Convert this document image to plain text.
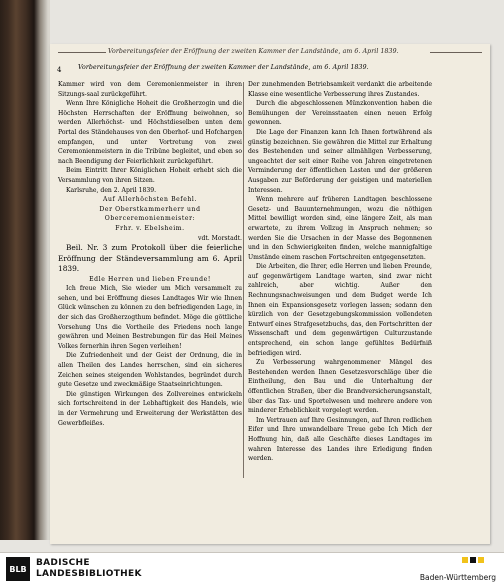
Vorbereitungsfeier der Eröffnung der zweiten Kammer der Landstände, am 6. April 1839.
4	Vorbereitungsfeier der Eröffnung der zweiten Kammer der Landstände, am 6. April 1839.

Kammer wird von dem Ceremonienmeister in ihren Sitzungs-saal zurückgeführt.

Wenn Ihre Königliche Hoheit die Großherzogin und die Höchsten Herrschaften der Eröffnung beiwohnen, so werden Allerhöchst- und Höchstdieselben unten dem Portal des Ständehauses von den Oberhof- und Hofchargen empfangen, und unter Vortretung von zwei Ceremonienmeistern in die Tribüne begleitet, und eben so nach Beendigung der Feierlichkeit zurückgeführt.

Beim Eintritt Ihrer Königlichen Hoheit erhebt sich die Versammlung von ihren Sitzen.

Karlsruhe, den 2. April 1839.

Auf Allerhöchsten Befehl.

Der Oberstkammerherr und Oberceremonienmeister:

Frhr. v. Ebelsheim.

vdt. Morstadt.

Beil. Nr. 3 zum Protokoll über die feierliche Eröffnung der Ständeversammlung am 6. April 1839.

Edle Herren und lieben Freunde!

Ich freue Mich, Sie wieder um Mich versammelt zu sehen, und bei Eröffnung dieses Landtages Wir wie Ihnen Glück wünschen zu können zu den befriedigenden Lage, in der sich das Großherzogthum befindet. Möge die göttliche Vorsehung Uns die Vortheile des Friedens noch lange gewähren und Meinen Bestrebungen für das Heil Meines Volkes fernerhin ihren Segen verleihen!

Die Zufriedenheit und der Geist der Ordnung, die in allen Theilen des Landes herrschen, sind ein sicheres Zeichen seines steigenden Wohlstandes, begründet durch gute Gesetze und zweckmäßige Staatseinrichtungen.

Die günstigen Wirkungen des Zollvereines entwickeln sich fortschreitend in der Lebhaftigkeit des Handels, wie in der Vermehrung und Erweiterung der Werkstätten des Gewerbfleißes.

Der zunehmenden Betriebsamkeit verdankt die arbeitende Klasse eine wesentliche Verbesserung ihres Zustandes.

Durch die abgeschlossenen Münzkonvention haben die Bemühungen der Vereinsstaaten einen neuen Erfolg gewonnen.

Die Lage der Finanzen kann Ich Ihnen fortwährend als günstig bezeichnen. Sie gewähren die Mittel zur Erhaltung des Bestehenden und seiner allmähligen Verbesserung, ungeachtet der seit einer Reihe von Jahren eingetretenen Verminderung der öffentlichen Lasten und der größeren Ausgaben zur Beförderung der geistigen und materiellen Interessen.

Wenn mehrere auf früheren Landtagen beschlossene Gesetz- und Bauunternehmungen, wozu die nöthigen Mittel bewilligt worden sind, eine längere Zeit, als man erwartete, zu ihrem Vollzug in Anspruch nehmen; so werden Sie die Ursachen in der Masse des Begonnenen und in den Schwierigkeiten finden, welche mannigfaltige Umstände einem raschen Fortschreiten entgegensetzten.

Die Arbeiten, die Ihrer, edle Herren und lieben Freunde, auf gegenwärtigem Landtage warten, sind zwar nicht zahlreich, aber wichtig. Außer den Rechnungsnachweisungen und dem Budget werde Ich Ihnen ein Expansionsgesetz vorlegen lassen; sodann den kürzlich von der Gesetzgebungskommission vollendeten Entwurf eines Strafgesetzbuchs, das, den Fortschritten der Wissenschaft und dem gegenwärtigen Culturzustande entsprechend, ein schon lange gefühltes Bedürfniß befriedigen wird.

Zu Verbesserung wahrgenommener Mängel des Bestehenden werden Ihnen Gesetzesvorschläge über die Eintheilung, den Bau und die Unterhaltung der öffentlichen Straßen, über die Brandversicherungsanstalt, über das Tax- und Sportelwesen und mehrere andere von minderer Erheblichkeit vorgelegt werden.

Im Vertrauen auf Ihre Gesinnungen, auf Ihren redlichen Eifer und Ihre unwandelbare Treue gebe Ich Mich der Hoffnung hin, daß alle Geschäfte dieses Landtages im wahren Interesse des Landes ihre Erledigung finden werden.

BLB
BADISCHE
LANDESBIBLIOTHEK	Baden-Württemberg
